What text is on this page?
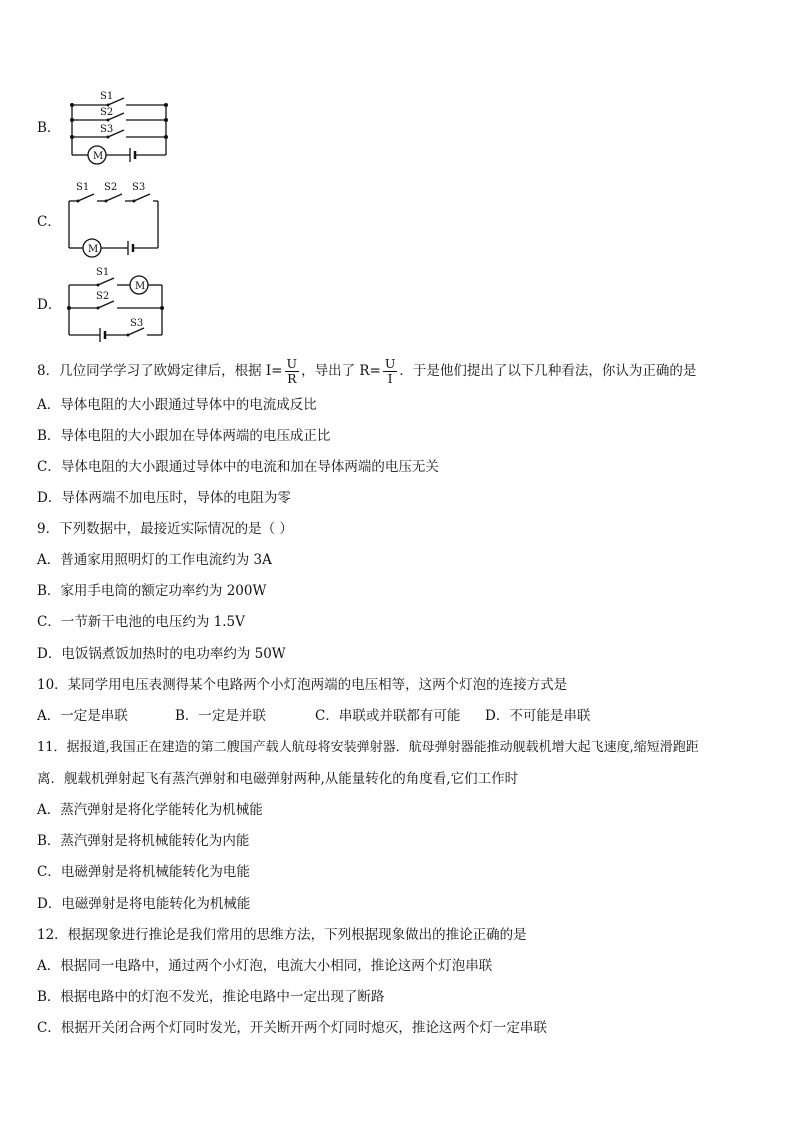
B．
S1
S2
S3
M
C．
S1 S2 S3
M
D．
S1
S2
S3
M
8．几位同学学习了欧姆定律后，根据 $I= \frac{U}{R}$ ，导出了 $R= \frac{U}{I}$ ．于是他们提出了以下几种看法，你认为正确的是
A．导体电阻的大小跟通过导体中的电流成反比
B．导体电阻的大小跟加在导体两端的电压成正比
C．导体电阻的大小跟通过导体中的电流和加在导体两端的电压无关
D．导体两端不加电压时，导体的电阻为零
9．下列数据中，最接近实际情况的是（ ）
A．普通家用照明灯的工作电流约为 3A
B．家用手电筒的额定功率约为 200W
C．一节新干电池的电压约为 1.5V
D．电饭锅煮饭加热时的电功率约为 50W
10．某同学用电压表测得某个电路两个小灯泡两端的电压相等，这两个灯泡的连接方式是
A．一定是串联	B．一定是并联	C．串联或并联都有可能 D．不可能是串联
11．据报道,我国正在建造的第二艘国产载人航母将安装弹射器．航母弹射器能推动舰载机增大起飞速度,缩短滑跑距
离．舰载机弹射起飞有蒸汽弹射和电磁弹射两种,从能量转化的角度看,它们工作时
A．蒸汽弹射是将化学能转化为机械能
B．蒸汽弹射是将机械能转化为内能
C．电磁弹射是将机械能转化为电能
D．电磁弹射是将电能转化为机械能
12．根据现象进行推论是我们常用的思维方法，下列根据现象做出的推论正确的是
A．根据同一电路中，通过两个小灯泡，电流大小相同，推论这两个灯泡串联
B．根据电路中的灯泡不发光，推论电路中一定出现了断路
C．根据开关闭合两个灯同时发光，开关断开两个灯同时熄灭，推论这两个灯一定串联
